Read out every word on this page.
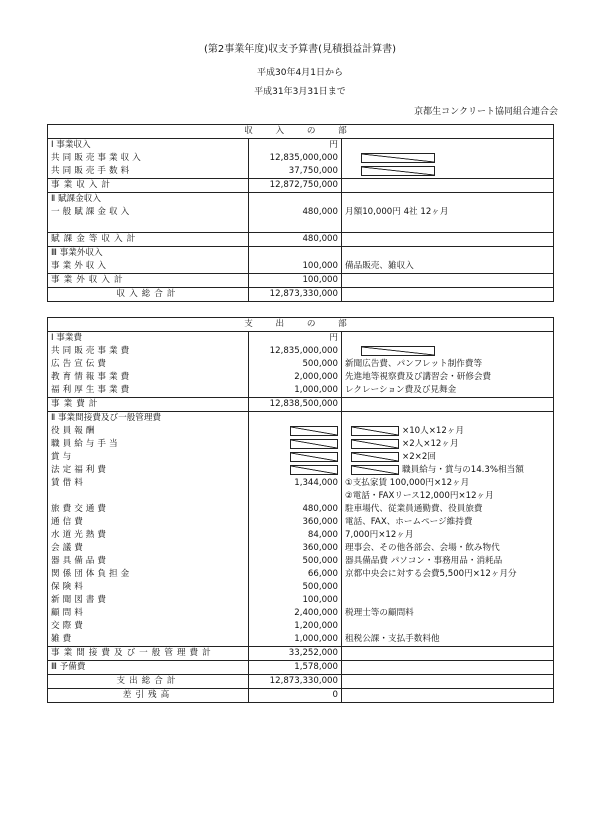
(第2事業年度)収支予算書(見積損益計算書)
平成30年4月1日から
平成31年3月31日まで
京都生コンクリート協同組合連合会
収 入 の 部		
Ⅰ 事業収入	円	
共同販売事業収入	12,835,000,000	
共同販売手数料	37,750,000	
事業収入計	12,872,750,000	
Ⅱ 賦課金収入		
一般賦課金収入	480,000	月額10,000円 4社 12ヶ月

賦課金等収入計	480,000	
Ⅲ 事業外収入		
事業外収入	100,000	備品販売、雑収入
事業外収入計	100,000	

収入総合計	12,873,330,000	
支 出 の 部		
Ⅰ 事業費	円	
共同販売事業費	12,835,000,000	
広告宣伝費	500,000	新聞広告費、パンフレット制作費等
教育情報事業費	2,000,000	先進地等視察費及び講習会・研修会費
福利厚生事業費	1,000,000	レクレーション費及び見舞金
事業費計	12,838,500,000	
Ⅱ 事業間接費及び一般管理費		
役員報酬		×10人×12ヶ月
職員給与手当		×2人×12ヶ月
賞与		×2×2回
法定福利費		職員給与・賞与の14.3%相当額
賃借料	1,344,000	①支払家賃 100,000円×12ヶ月
		②電話・FAXリース12,000円×12ヶ月
旅費交通費	480,000	駐車場代、従業員通勤費、役員旅費
通信費	360,000	電話、FAX、ホームページ維持費
水道光熱費	84,000	7,000円×12ヶ月
会議費	360,000	理事会、その他各部会、会場・飲み物代
器具備品費	500,000	器具備品費 パソコン・事務用品・消耗品
関係団体負担金	66,000	京都中央会に対する会費5,500円×12ヶ月分
保険料	500,000	
新聞図書費	100,000	
顧問料	2,400,000	税理士等の顧問料
交際費	1,200,000	
雑費	1,000,000	租税公課・支払手数料他
事業間接費及び一般管理費計	33,252,000	
Ⅲ 予備費	1,578,000	

支出総合計	12,873,330,000	

差引残高	0	
